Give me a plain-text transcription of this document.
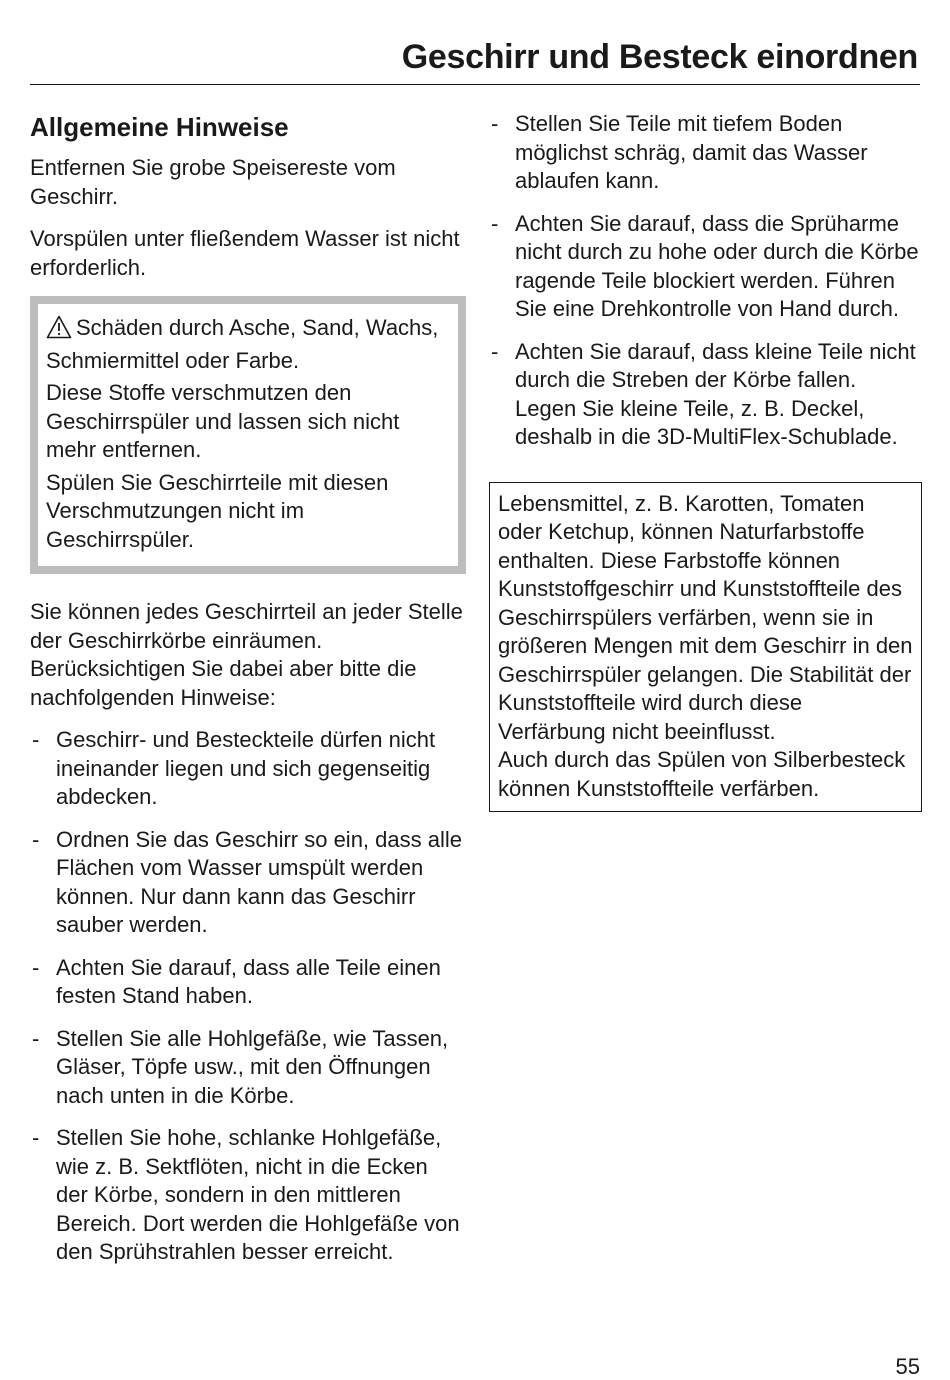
Geschirr und Besteck einordnen
Allgemeine Hinweise

Entfernen Sie grobe Speisereste vom Geschirr.

Vorspülen unter fließendem Wasser ist nicht erforderlich.

Schäden durch Asche, Sand, Wachs, Schmiermittel oder Farbe.

Diese Stoffe verschmutzen den Geschirrspüler und lassen sich nicht mehr entfernen.

Spülen Sie Geschirrteile mit diesen Verschmutzungen nicht im Geschirrspüler.

Sie können jedes Geschirrteil an jeder Stelle der Geschirrkörbe einräumen. Berücksichtigen Sie dabei aber bitte die nachfolgenden Hinweise:

- Geschirr- und Besteckteile dürfen nicht ineinander liegen und sich gegenseitig abdecken.
- Ordnen Sie das Geschirr so ein, dass alle Flächen vom Wasser umspült werden können. Nur dann kann das Geschirr sauber werden.
- Achten Sie darauf, dass alle Teile einen festen Stand haben.
- Stellen Sie alle Hohlgefäße, wie Tassen, Gläser, Töpfe usw., mit den Öffnungen nach unten in die Körbe.
- Stellen Sie hohe, schlanke Hohlgefäße, wie z. B. Sektflöten, nicht in die Ecken der Körbe, sondern in den mittleren Bereich. Dort werden die Hohlgefäße von den Sprühstrahlen besser erreicht.
- Stellen Sie Teile mit tiefem Boden möglichst schräg, damit das Wasser ablaufen kann.
- Achten Sie darauf, dass die Sprüharme nicht durch zu hohe oder durch die Körbe ragende Teile blockiert werden. Führen Sie eine Drehkontrolle von Hand durch.
- Achten Sie darauf, dass kleine Teile nicht durch die Streben der Körbe fallen.
Legen Sie kleine Teile, z. B. Deckel, deshalb in die 3D-MultiFlex-Schublade.

Lebensmittel, z. B. Karotten, Tomaten oder Ketchup, können Naturfarbstoffe enthalten. Diese Farbstoffe können Kunststoffgeschirr und Kunststoffteile des Geschirrspülers verfärben, wenn sie in größeren Mengen mit dem Geschirr in den Geschirrspüler gelangen. Die Stabilität der Kunststoffteile wird durch diese Verfärbung nicht beeinflusst.

Auch durch das Spülen von Silberbesteck können Kunststoffteile verfärben.

55
